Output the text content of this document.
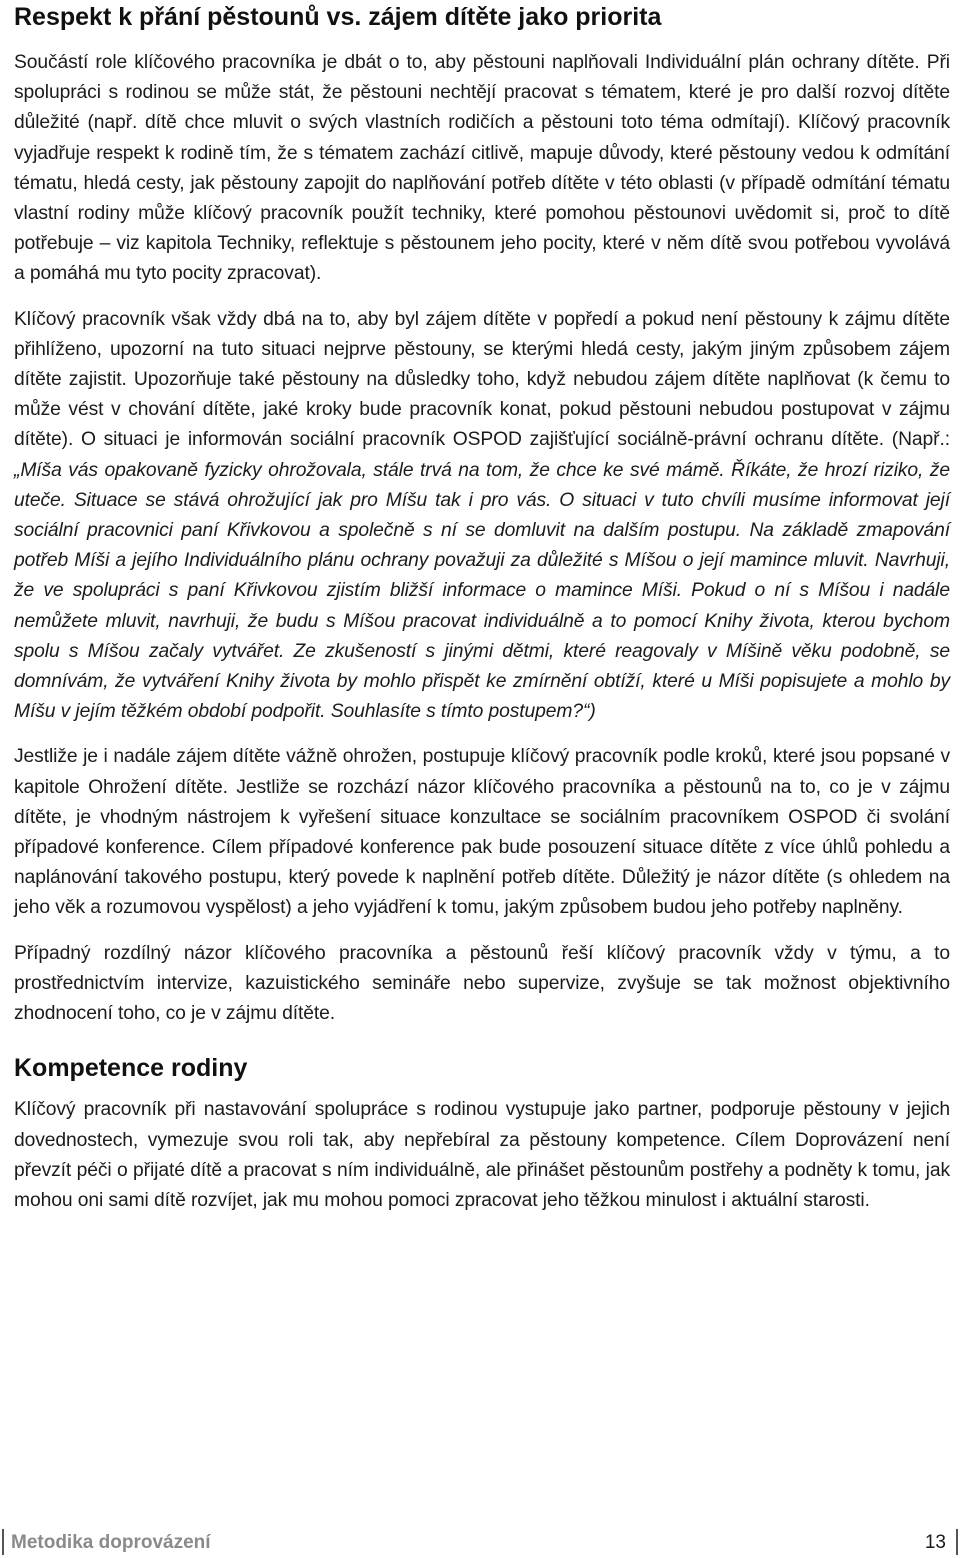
Respekt k přání pěstounů vs. zájem dítěte jako priorita

Součástí role klíčového pracovníka je dbát o to, aby pěstouni naplňovali Individuální plán ochrany dítěte. Při spolupráci s rodinou se může stát, že pěstouni nechtějí pracovat s tématem, které je pro další rozvoj dítěte důležité (např. dítě chce mluvit o svých vlastních rodičích a pěstouni toto téma odmítají). Klíčový pracovník vyjadřuje respekt k rodině tím, že s tématem zachází citlivě, mapuje důvody, které pěstouny vedou k odmítání tématu, hledá cesty, jak pěstouny zapojit do naplňování potřeb dítěte v této oblasti (v případě odmítání tématu vlastní rodiny může klíčový pracovník použít techniky, které pomohou pěstounovi uvědomit si, proč to dítě potřebuje – viz kapitola Techniky, reflektuje s pěstounem jeho pocity, které v něm dítě svou potřebou vyvolává a pomáhá mu tyto pocity zpracovat).

Klíčový pracovník však vždy dbá na to, aby byl zájem dítěte v popředí a pokud není pěstouny k zájmu dítěte přihlíženo, upozorní na tuto situaci nejprve pěstouny, se kterými hledá cesty, jakým jiným způsobem zájem dítěte zajistit. Upozorňuje také pěstouny na důsledky toho, když nebudou zájem dítěte naplňovat (k čemu to může vést v chování dítěte, jaké kroky bude pracovník konat, pokud pěstouni nebudou postupovat v zájmu dítěte). O situaci je informován sociální pracovník OSPOD zajišťující sociálně-právní ochranu dítěte. (Např.: „Míša vás opakovaně fyzicky ohrožovala, stále trvá na tom, že chce ke své mámě. Říkáte, že hrozí riziko, že uteče. Situace se stává ohrožující jak pro Míšu tak i pro vás. O situaci v tuto chvíli musíme informovat její sociální pracovnici paní Křivkovou a společně s ní se domluvit na dalším postupu. Na základě zmapování potřeb Míši a jejího Individuálního plánu ochrany považuji za důležité s Míšou o její mamince mluvit. Navrhuji, že ve spolupráci s paní Křivkovou zjistím bližší informace o mamince Míši. Pokud o ní s Míšou i nadále nemůžete mluvit, navrhuji, že budu s Míšou pracovat individuálně a to pomocí Knihy života, kterou bychom spolu s Míšou začaly vytvářet. Ze zkušeností s jinými dětmi, které reagovaly v Míšině věku podobně, se domnívám, že vytváření Knihy života by mohlo přispět ke zmírnění obtíží, které u Míši popisujete a mohlo by Míšu v jejím těžkém období podpořit. Souhlasíte s tímto postupem?“)

Jestliže je i nadále zájem dítěte vážně ohrožen, postupuje klíčový pracovník podle kroků, které jsou popsané v kapitole Ohrožení dítěte. Jestliže se rozchází názor klíčového pracovníka a pěstounů na to, co je v zájmu dítěte, je vhodným nástrojem k vyřešení situace konzultace se sociálním pracovníkem OSPOD či svolání případové konference. Cílem případové konference pak bude posouzení situace dítěte z více úhlů pohledu a naplánování takového postupu, který povede k naplnění potřeb dítěte. Důležitý je názor dítěte (s ohledem na jeho věk a rozumovou vyspělost) a jeho vyjádření k tomu, jakým způsobem budou jeho potřeby naplněny.

Případný rozdílný názor klíčového pracovníka a pěstounů řeší klíčový pracovník vždy v týmu, a to prostřednictvím intervize, kazuistického semináře nebo supervize, zvyšuje se tak možnost objektivního zhodnocení toho, co je v zájmu dítěte.

Kompetence rodiny

Klíčový pracovník při nastavování spolupráce s rodinou vystupuje jako partner, podporuje pěstouny v jejich dovednostech, vymezuje svou roli tak, aby nepřebíral za pěstouny kompetence. Cílem Doprovázení není převzít péči o přijaté dítě a pracovat s ním individuálně, ale přinášet pěstounům postřehy a podněty k tomu, jak mohou oni sami dítě rozvíjet, jak mu mohou pomoci zpracovat jeho těžkou minulost i aktuální starosti.

Metodika doprovázení	13
